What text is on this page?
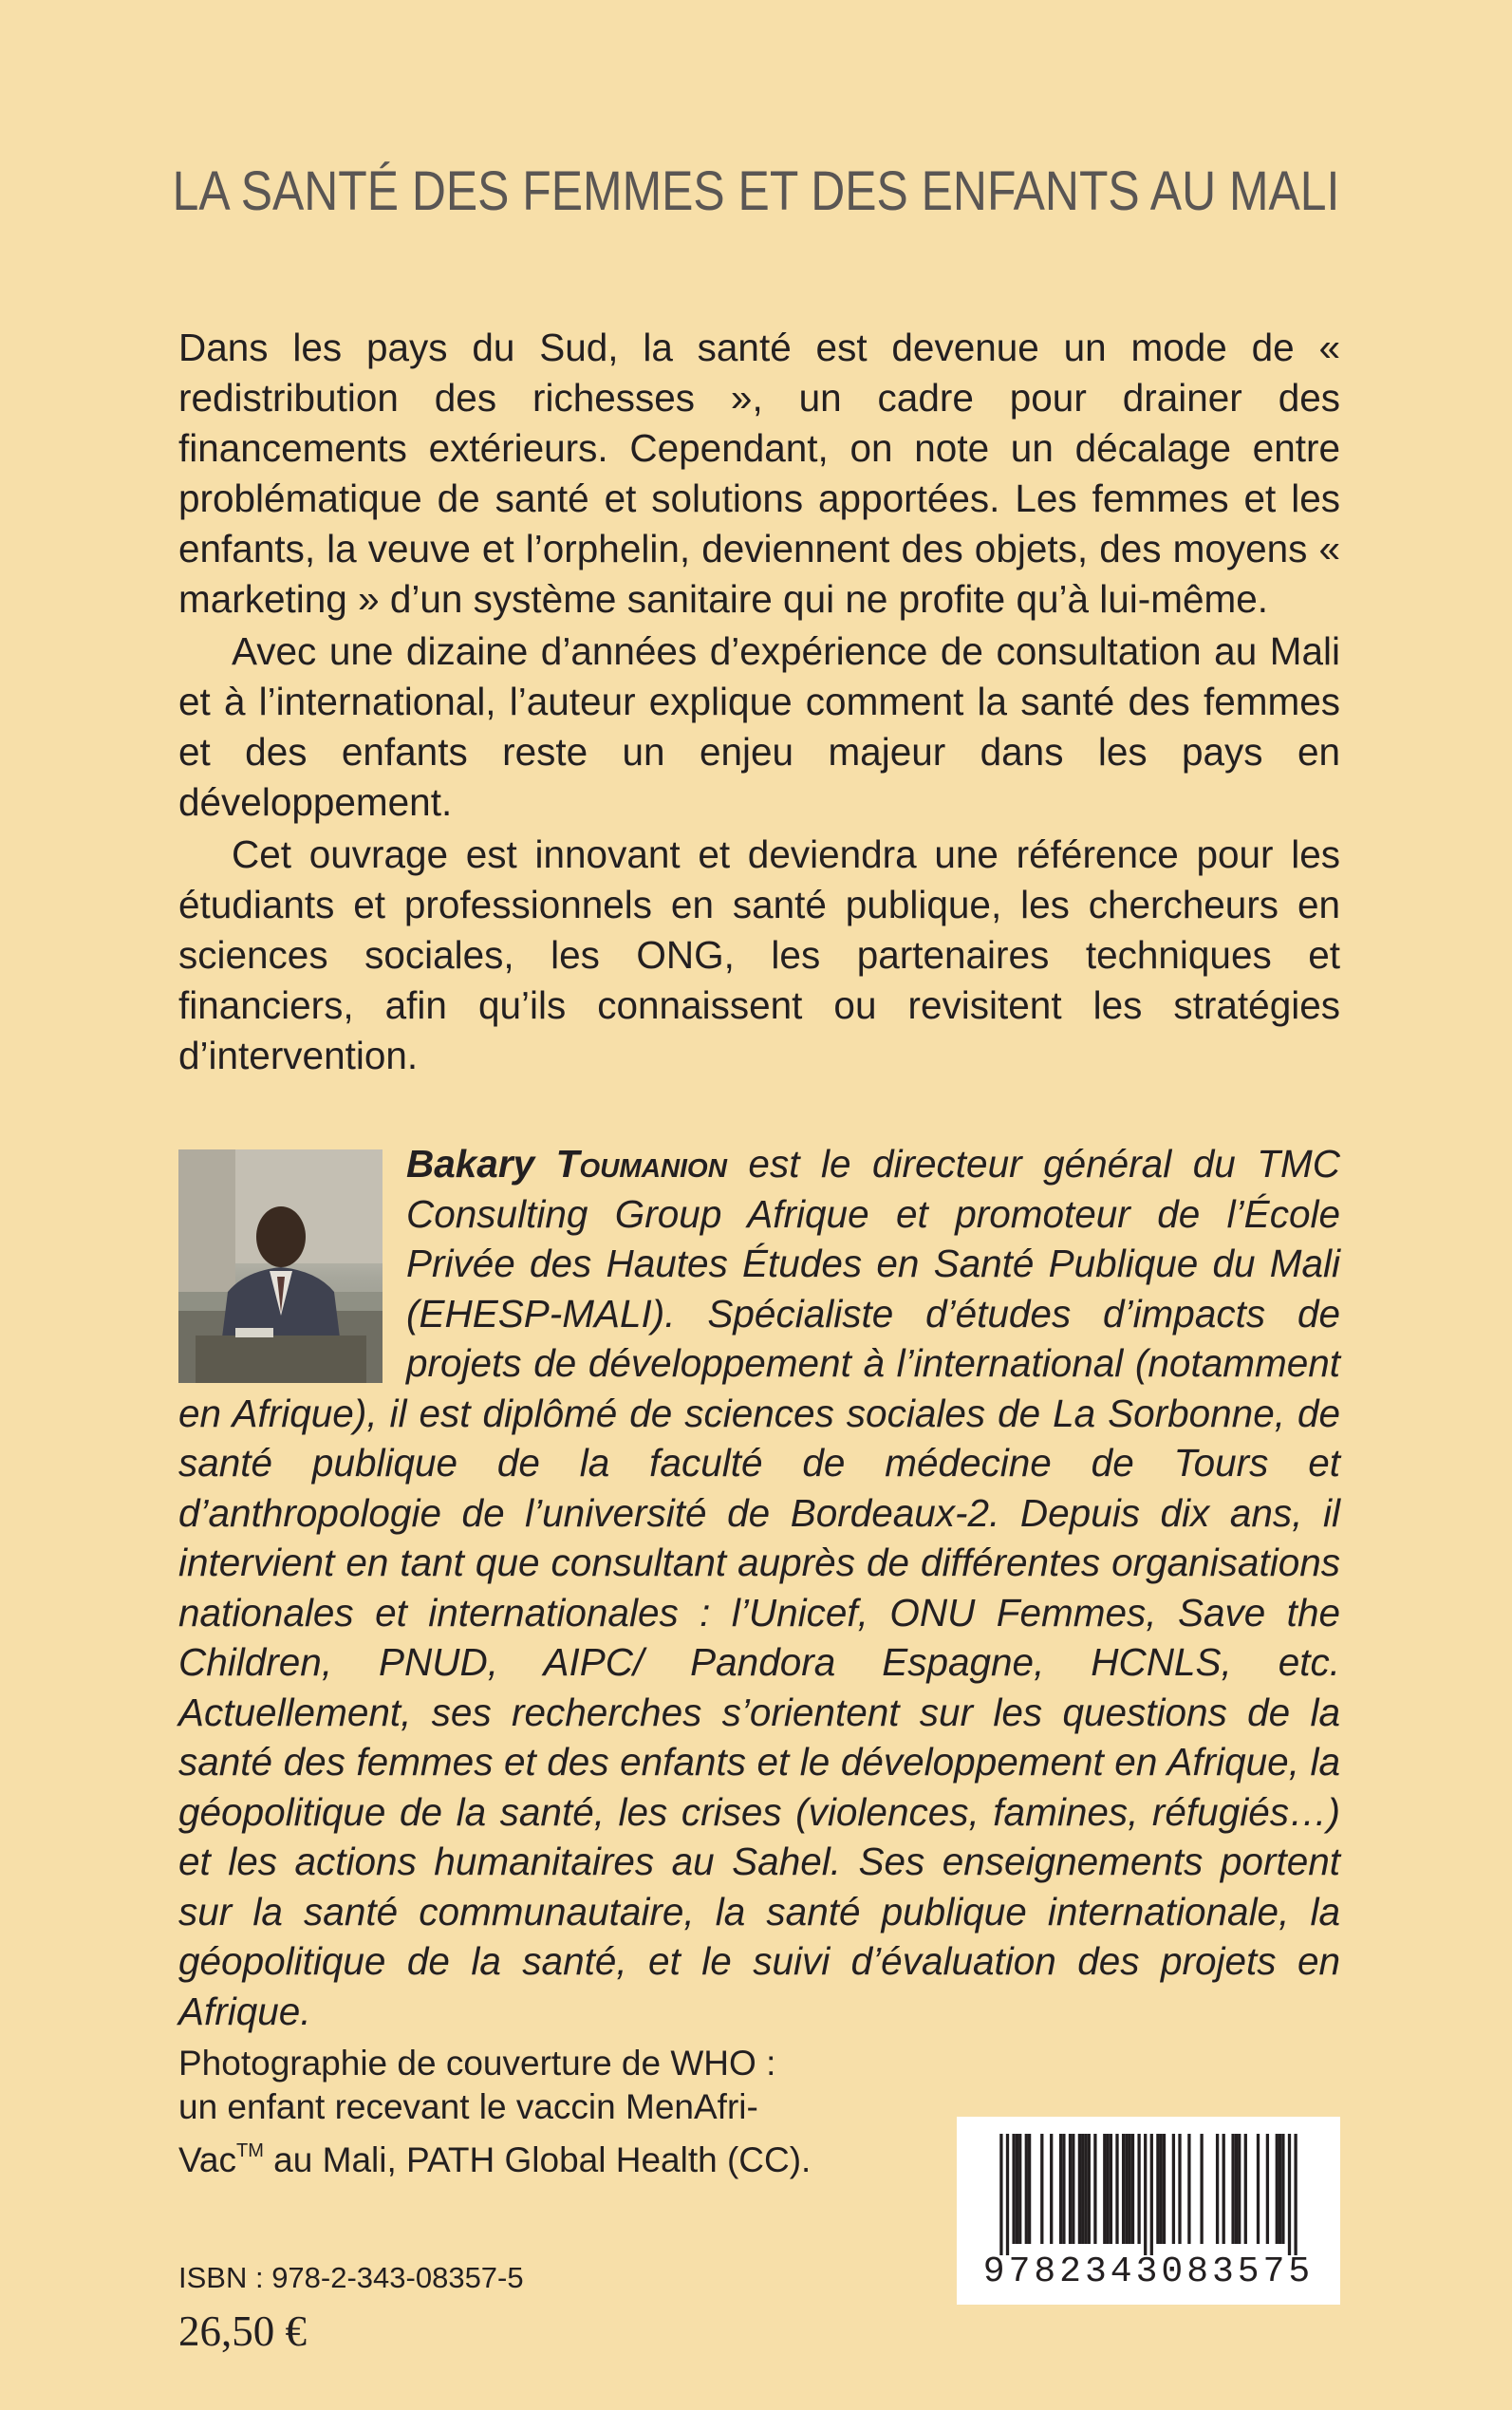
LA SANTÉ DES FEMMES ET DES ENFANTS AU MALI

Dans les pays du Sud, la santé est devenue un mode de « redistribution des richesses », un cadre pour drainer des financements extérieurs. Cependant, on note un décalage entre problématique de santé et solutions apportées. Les femmes et les enfants, la veuve et l’orphelin, deviennent des objets, des moyens « marketing » d’un système sanitaire qui ne profite qu’à lui-même.

Avec une dizaine d’années d’expérience de consultation au Mali et à l’international, l’auteur explique comment la santé des femmes et des enfants reste un enjeu majeur dans les pays en développement.

Cet ouvrage est innovant et deviendra une référence pour les étudiants et professionnels en santé publique, les chercheurs en sciences sociales, les ONG, les partenaires techniques et financiers, afin qu’ils connaissent ou revisitent les stratégies d’intervention.

Bakary Toumanion est le directeur général du TMC Consulting Group Afrique et promoteur de l’École Privée des Hautes Études en Santé Publique du Mali (EHESP-MALI). Spécialiste d’études d’impacts de projets de développement à l’international (notamment en Afrique), il est diplômé de sciences sociales de La Sorbonne, de santé publique de la faculté de médecine de Tours et d’anthropologie de l’université de Bordeaux-2. Depuis dix ans, il intervient en tant que consultant auprès de différentes organisations nationales et internationales : l’Unicef, ONU Femmes, Save the Children, PNUD, AIPC/ Pandora Espagne, HCNLS, etc. Actuellement, ses recherches s’orientent sur les questions de la santé des femmes et des enfants et le développement en Afrique, la géopolitique de la santé, les crises (violences, famines, réfugiés…) et les actions humanitaires au Sahel. Ses enseignements portent sur la santé communautaire, la santé publique internationale, la géopolitique de la santé, et le suivi d’évaluation des projets en Afrique.
Photographie de couverture de WHO :
un enfant recevant le vaccin MenAfri-
Vac™ au Mali, PATH Global Health (CC).
9782343083575
ISBN : 978-2-343-08357-5
26,50 €
